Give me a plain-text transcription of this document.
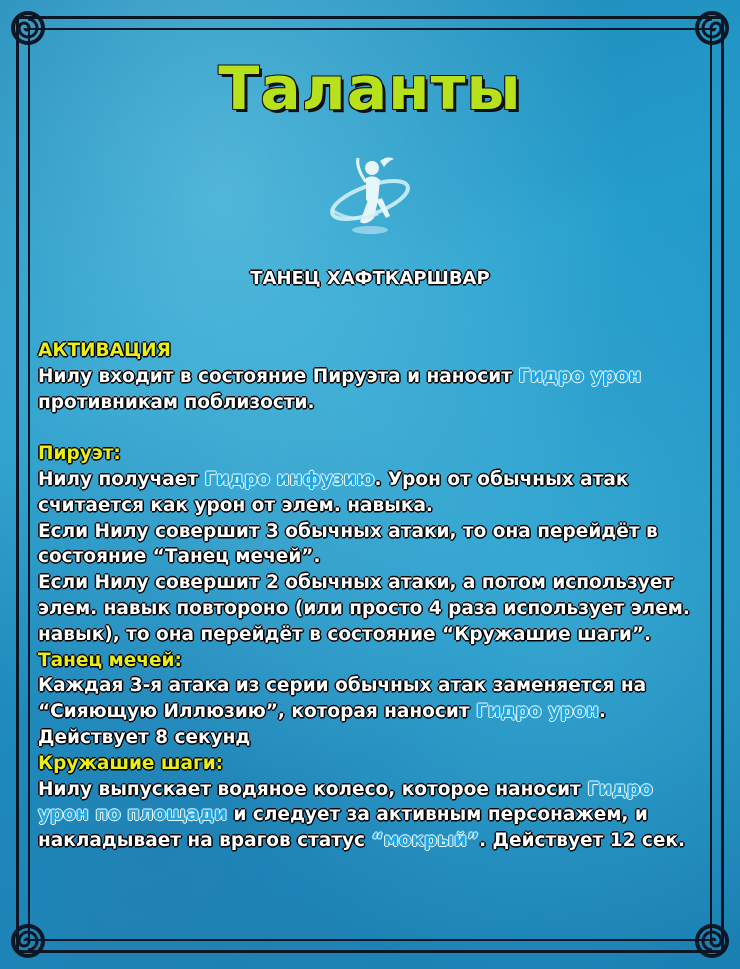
Таланты
ТАНЕЦ ХАФТКАРШВАР
АКТИВАЦИЯ
Нилу входит в состояние Пируэта и наносит Гидро урон противникам поблизости.
Пируэт:
Нилу получает Гидро инфузию. Урон от обычных атак считается как урон от элем. навыка.
Если Нилу совершит 3 обычных атаки, то она перейдёт в состояние “Танец мечей”.
Если Нилу совершит 2 обычных атаки, а потом использует элем. навык повтороно (или просто 4 раза использует элем. навык), то она перейдёт в состояние “Кружашие шаги”.
Танец мечей:
Каждая 3-я атака из серии обычных атак заменяется на “Сияющую Иллюзию”, которая наносит Гидро урон.
Действует 8 секунд
Кружашие шаги:
Нилу выпускает водяное колесо, которое наносит Гидро урон по площади и следует за активным персонажем, и накладывает на врагов статус “мокрый”. Действует 12 сек.
